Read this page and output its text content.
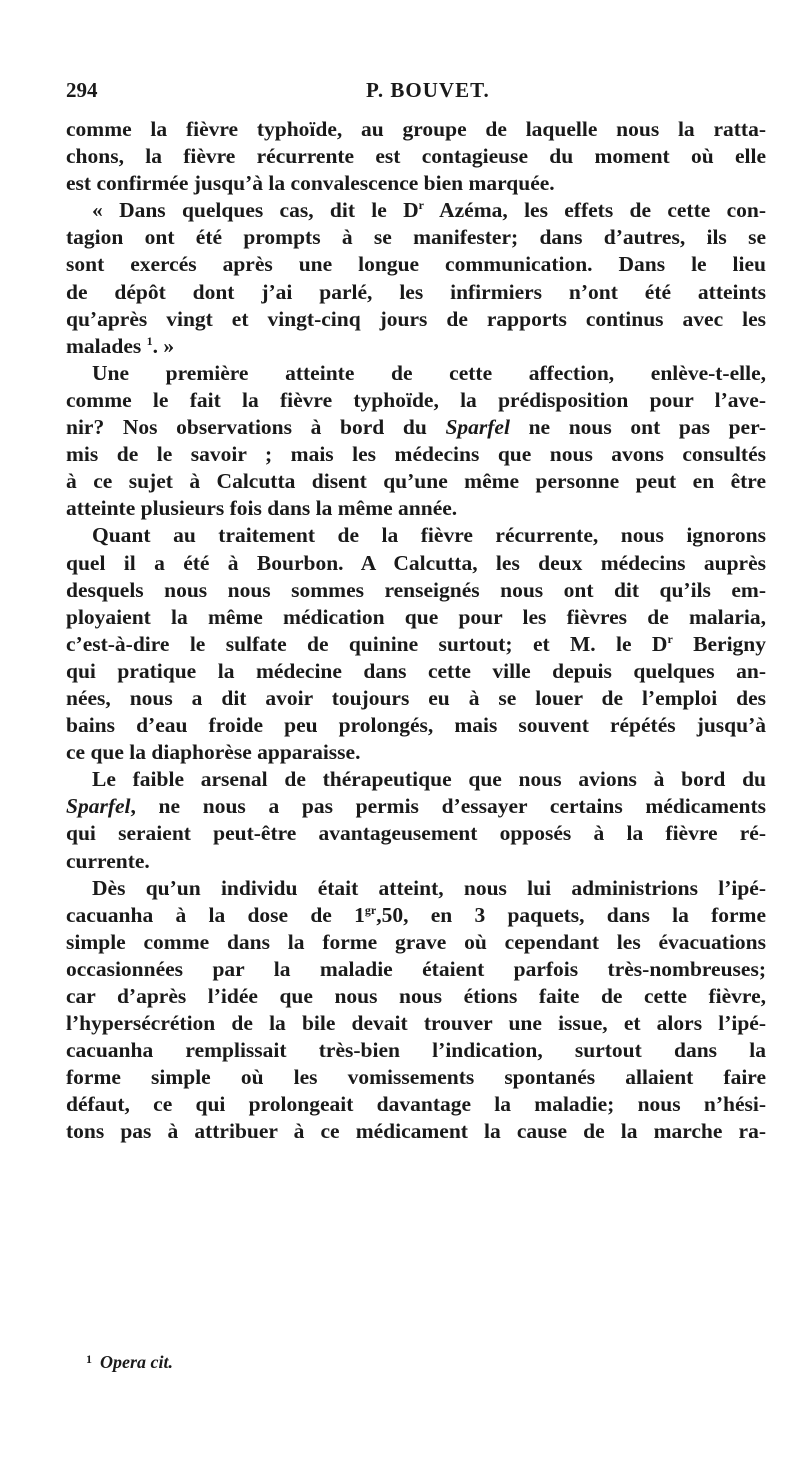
294	P. BOUVET.
comme la fièvre typhoïde, au groupe de laquelle nous la ratta-
chons, la fièvre récurrente est contagieuse du moment où elle
est confirmée jusqu’à la convalescence bien marquée.
« Dans quelques cas, dit le $D^r$ Azéma, les effets de cette con-
tagion ont été prompts à se manifester; dans d’autres, ils se
sont exercés après une longue communication. Dans le lieu
de dépôt dont j’ai parlé, les infirmiers n’ont été atteints
qu’après vingt et vingt-cinq jours de rapports continus avec les
malades $^1$. »
Une première atteinte de cette affection, enlève-t-elle,
comme le fait la fièvre typhoïde, la prédisposition pour l’ave-
nir? Nos observations à bord du Sparfel ne nous ont pas per-
mis de le savoir ; mais les médecins que nous avons consultés
à ce sujet à Calcutta disent qu’une même personne peut en être
atteinte plusieurs fois dans la même année.
Quant au traitement de la fièvre récurrente, nous ignorons
quel il a été à Bourbon. A Calcutta, les deux médecins auprès
desquels nous nous sommes renseignés nous ont dit qu’ils em-
ployaient la même médication que pour les fièvres de malaria,
c’est-à-dire le sulfate de quinine surtout; et M. le $D^r$ Berigny
qui pratique la médecine dans cette ville depuis quelques an-
nées, nous a dit avoir toujours eu à se louer de l’emploi des
bains d’eau froide peu prolongés, mais souvent répétés jusqu’à
ce que la diaphorèse apparaisse.
Le faible arsenal de thérapeutique que nous avions à bord du
Sparfel, ne nous a pas permis d’essayer certains médicaments
qui seraient peut-être avantageusement opposés à la fièvre ré-
currente.
Dès qu’un individu était atteint, nous lui administrions l’ipé-
cacuanha à la dose de $1^{gr},50$, en 3 paquets, dans la forme
simple comme dans la forme grave où cependant les évacuations
occasionnées par la maladie étaient parfois très-nombreuses;
car d’après l’idée que nous nous étions faite de cette fièvre,
l’hypersécrétion de la bile devait trouver une issue, et alors l’ipé-
cacuanha remplissait très-bien l’indication, surtout dans la
forme simple où les vomissements spontanés allaient faire
défaut, ce qui prolongeait davantage la maladie; nous n’hési-
tons pas à attribuer à ce médicament la cause de la marche ra-
$^1$ Opera cit.
